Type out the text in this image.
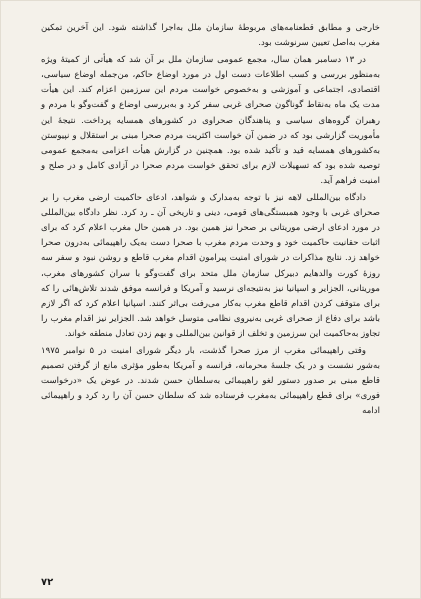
خارجی و مطابق قطعنامه‌های مربوطهٔ سازمان ملل به‌اجرا گذاشته شود. این آخرین تمکین مغرب به‌اصل تعیین سرنوشت بود.

در ۱۳ دسامبر همان سال، مجمع عمومی سازمان ملل بر آن شد که هیأتی از کمیتهٔ ویژه به‌منظور بررسی و کسب اطلاعات دست اول در مورد اوضاع حاکم، من‌جمله اوضاع سیاسی، اقتصادی، اجتماعی و آموزشی و به‌خصوص خواست مردم این سرزمین اعزام کند. این هیأت مدت یک ماه به‌نقاط گوناگون صحرای غربی سفر کرد و به‌بررسی اوضاع و گفت‌وگو با مردم و رهبران گروه‌های سیاسی و پناهندگان صحراوی در کشورهای همسایه پرداخت. نتیجهٔ این مأموریت گزارشی بود که در ضمن آن خواست اکثریت مردم صحرا مبنی بر استقلال و نپیوستن به‌کشورهای همسایه قید و تأکید شده بود. همچنین در گزارش هیأت اعزامی به‌مجمع عمومی توصیه شده بود که تسهیلات لازم برای تحقق خواست مردم صحرا در آزادی کامل و در صلح و امنیت فراهم آید.

دادگاه بین‌المللی لاهه نیز با توجه به‌مدارک و شواهد، ادعای حاکمیت ارضی مغرب را بر صحرای غربی با وجود همبستگی‌های قومی، دینی و تاریخی آن ـ رد کرد. نظر دادگاه بین‌المللی در مورد ادعای ارضی موریتانی بر صحرا نیز همین بود. در همین حال مغرب اعلام کرد که برای اثبات حقانیت حاکمیت خود و وحدت مردم مغرب با صحرا دست به‌یک راهپیمائی به‌درون صحرا خواهد زد. نتایج مذاکرات در شورای امنیت پیرامون اقدام مغرب قاطع و روشن نبود و سفر سه روزهٔ کورت والدهایم دبیرکل سازمان ملل متحد برای گفت‌وگو با سران کشورهای مغرب، موریتانی، الجزایر و اسپانیا نیز به‌نتیجه‌ای نرسید و آمریکا و فرانسه موفق شدند تلاش‌هائی را که برای متوقف کردن اقدام قاطع مغرب به‌کار می‌رفت بی‌اثر کنند. اسپانیا اعلام کرد که اگر لازم باشد برای دفاع از صحرای غربی به‌نیروی نظامی متوسل خواهد شد. الجزایر نیز اقدام مغرب را تجاوز به‌حاکمیت این سرزمین و تخلف از قوانین بین‌المللی و بهم زدن تعادل منطقه خواند.

وقتی راهپیمائی مغرب از مرز صحرا گذشت، بار دیگر شورای امنیت در ۵ نوامبر ۱۹۷۵ به‌شور نشست و در یک جلسهٔ محرمانه، فرانسه و آمریکا به‌طور مؤثری مانع از گرفتن تصمیم قاطع مبنی بر صدور دستور لغو راهپیمائی به‌سلطان حسن شدند. در عوض یک «درخواست فوری» برای قطع راهپیمائی به‌مغرب فرستاده شد که سلطان حسن آن را رد کرد و راهپیمائی ادامه

۷۲
